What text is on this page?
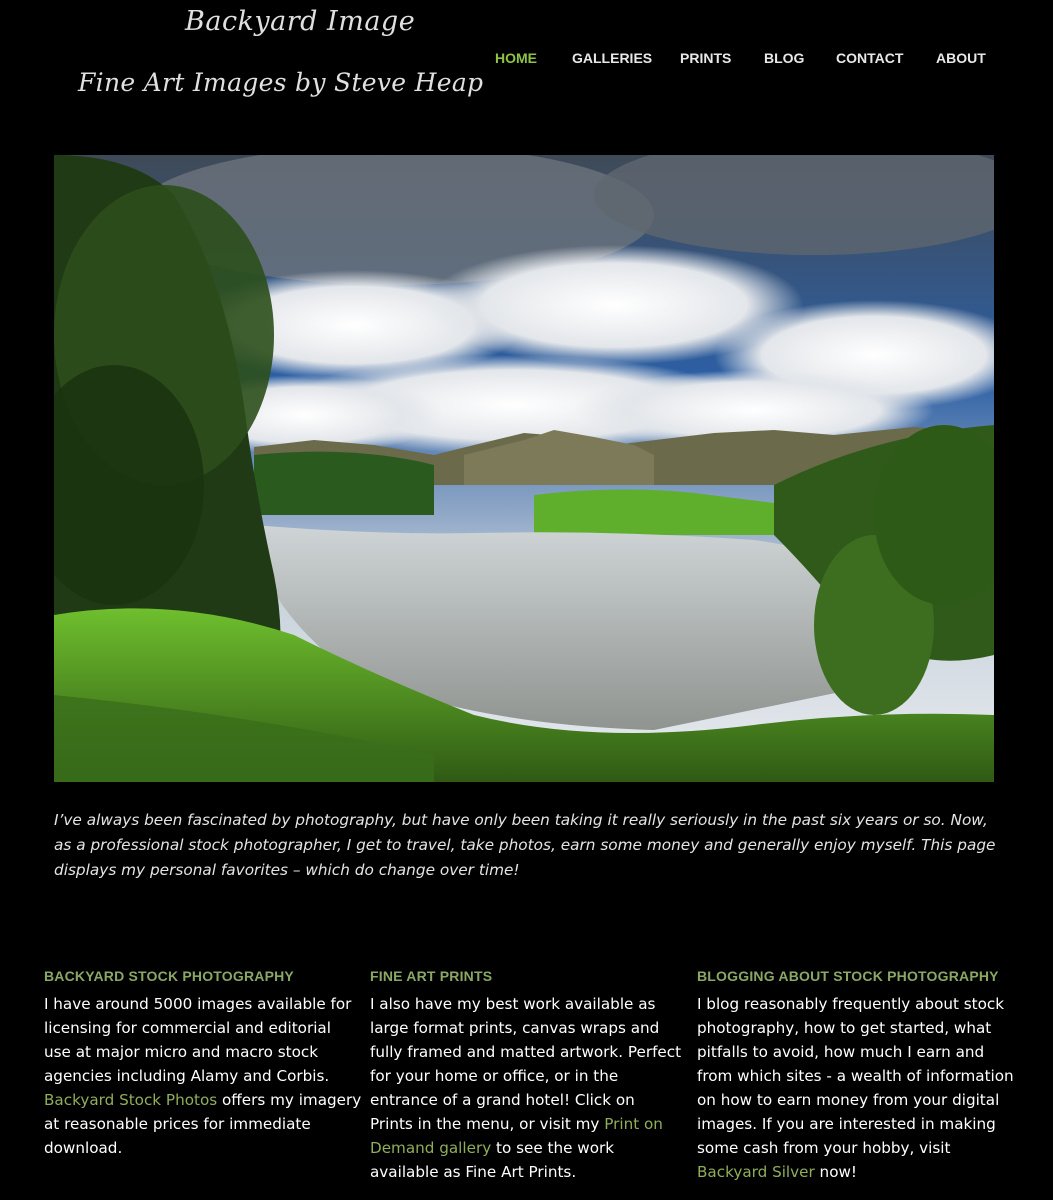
Backyard Image
Fine Art Images by Steve Heap
HOME	GALLERIES PRINTS BLOG CONTACT ABOUT

I’ve always been fascinated by photography, but have only been taking it really seriously in the past six years or so. Now, as a professional stock photographer, I get to travel, take photos, earn some money and generally enjoy myself. This page displays my personal favorites – which do change over time!

BACKYARD STOCK PHOTOGRAPHY

I have around 5000 images available for licensing for commercial and editorial use at major micro and macro stock agencies including Alamy and Corbis. Backyard Stock Photos offers my imagery at reasonable prices for immediate download.

FINE ART PRINTS

I also have my best work available as large format prints, canvas wraps and fully framed and matted artwork. Perfect for your home or office, or in the entrance of a grand hotel! Click on Prints in the menu, or visit my Print on Demand gallery to see the work available as Fine Art Prints.

BLOGGING ABOUT STOCK PHOTOGRAPHY

I blog reasonably frequently about stock photography, how to get started, what pitfalls to avoid, how much I earn and from which sites - a wealth of information on how to earn money from your digital images. If you are interested in making some cash from your hobby, visit Backyard Silver now!
